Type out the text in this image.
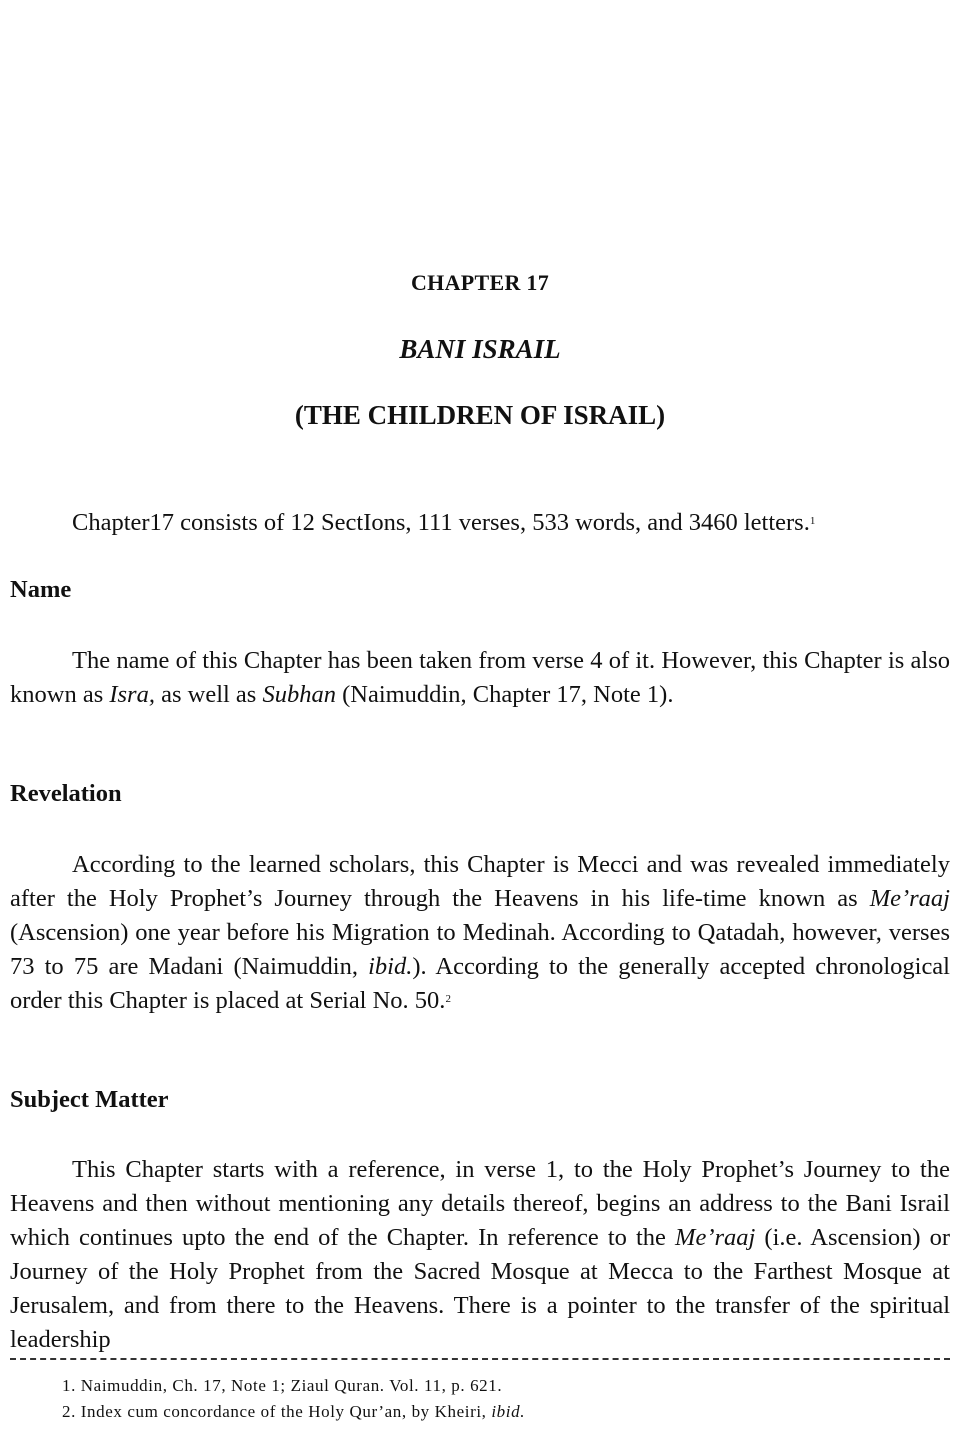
CHAPTER 17
BANI ISRAIL
(THE CHILDREN OF ISRAIL)
Chapter17 consists of 12 SectIons, 111 verses, 533 words, and 3460 letters.$^1$
Name
The name of this Chapter has been taken from verse 4 of it. However, this Chapter is also known as Isra, as well as Subhan (Naimuddin, Chapter 17, Note 1).
Revelation
According to the learned scholars, this Chapter is Mecci and was revealed immediately after the Holy Prophet’s Journey through the Heavens in his life-time known as Me’raaj (Ascension) one year before his Migration to Medinah. According to Qatadah, however, verses 73 to 75 are Madani (Naimuddin, ibid.). According to the generally accepted chronological order this Chapter is placed at Serial No. 50.$^2$
Subject Matter
This Chapter starts with a reference, in verse 1, to the Holy Prophet’s Journey to the Heavens and then without mentioning any details thereof, begins an address to the Bani Israil which continues upto the end of the Chapter. In reference to the Me’raaj (i.e. Ascension) or Journey of the Holy Prophet from the Sacred Mosque at Mecca to the Farthest Mosque at Jerusalem, and from there to the Heavens. There is a pointer to the transfer of the spiritual leadership
1. Naimuddin, Ch. 17, Note 1; Ziaul Quran. Vol. 11, p. 621.
2. Index cum concordance of the Holy Qur’an, by Kheiri, ibid.
